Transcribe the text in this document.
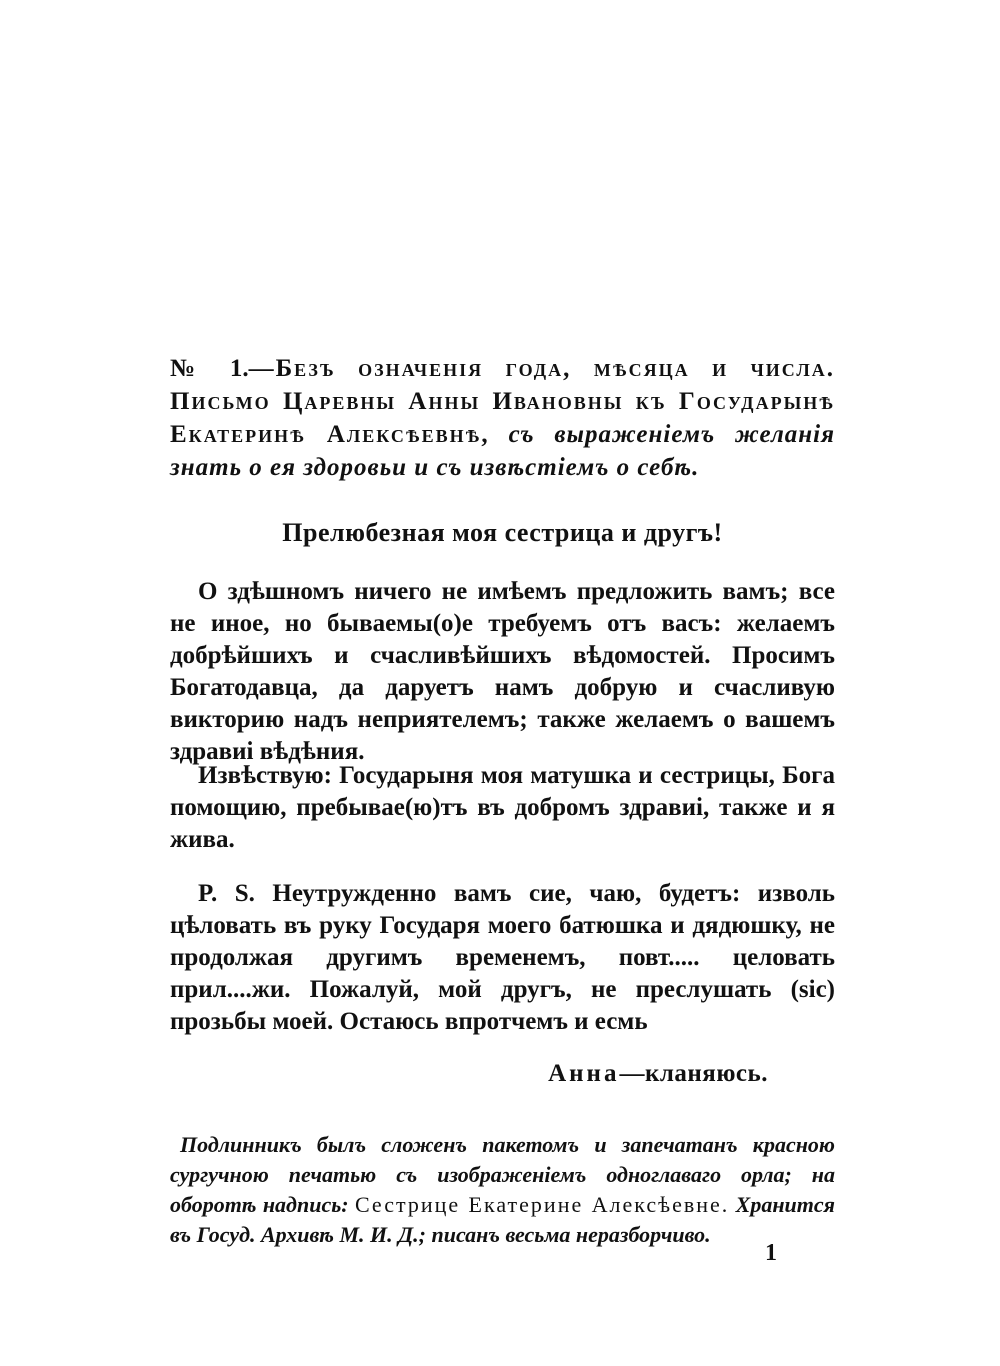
№ 1.—Безъ означенія года, мѣсяца и числа. Письмо Царевны Анны Ивановны къ Государынѣ Екатеринѣ Алексѣевнѣ, съ выраженіемъ желанія знать о ея здоровьи и съ извѣстіемъ о себѣ.
Прелюбезная моя сестрица и другъ!

О здѣшномъ ничего не имѣемъ предложить вамъ; все не иное, но бываемы(о)е требуемъ отъ васъ: желаемъ добрѣйшихъ и счасливѣйшихъ вѣдомостей. Просимъ Богатодавца, да даруетъ намъ добрую и счасливую викторию надъ неприятелемъ; также желаемъ о вашемъ здравиі вѣдѣния.

Извѣствую: Государыня моя матушка и сестрицы, Бога помощию, пребывае(ю)тъ въ добромъ здравиі, также и я жива.

P. S. Неутружденно вамъ сие, чаю, будетъ: изволь цѣловать въ руку Государя моего батюшка и дядюшку, не продолжая другимъ временемъ, повт..... целовать прил....жи. Пожалуй, мой другъ, не преслушать (sic) прозьбы моей. Остаюсь впротчемъ и есмь

Анна—кланяюсь.
Подлинникъ былъ сложенъ пакетомъ и запечатанъ красною сургучною печатью съ изображеніемъ одноглаваго орла; на оборотѣ надпись: Сестрице Екатерине Алексѣевне. Хранится въ Госуд. Архивѣ М. И. Д.; писанъ весьма неразборчиво.
1
